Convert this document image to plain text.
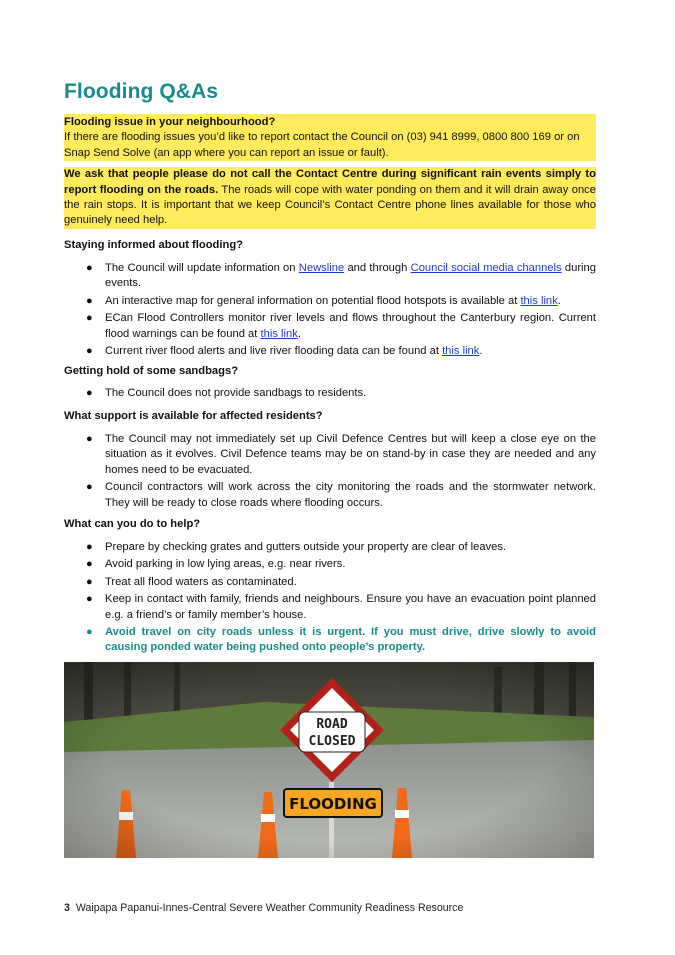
Flooding Q&As
Flooding issue in your neighbourhood?
If there are flooding issues you’d like to report contact the Council on (03) 941 8999, 0800 800 169 or on Snap Send Solve (an app where you can report an issue or fault).
We ask that people please do not call the Contact Centre during significant rain events simply to report flooding on the roads. The roads will cope with water ponding on them and it will drain away once the rain stops. It is important that we keep Council’s Contact Centre phone lines available for those who genuinely need help.
Staying informed about flooding?
● The Council will update information on Newsline and through Council social media channels during events.
● An interactive map for general information on potential flood hotspots is available at this link.
● ECan Flood Controllers monitor river levels and flows throughout the Canterbury region. Current flood warnings can be found at this link.
● Current river flood alerts and live river flooding data can be found at this link.
Getting hold of some sandbags?
● The Council does not provide sandbags to residents.
What support is available for affected residents?
● The Council may not immediately set up Civil Defence Centres but will keep a close eye on the situation as it evolves. Civil Defence teams may be on stand-by in case they are needed and any homes need to be evacuated.
● Council contractors will work across the city monitoring the roads and the stormwater network. They will be ready to close roads where flooding occurs.
What can you do to help?
● Prepare by checking grates and gutters outside your property are clear of leaves.
● Avoid parking in low lying areas, e.g. near rivers.
● Treat all flood waters as contaminated.
● Keep in contact with family, friends and neighbours. Ensure you have an evacuation point planned e.g. a friend’s or family member’s house.
● Avoid travel on city roads unless it is urgent. If you must drive, drive slowly to avoid causing ponded water being pushed onto people’s property.
3 Waipapa Papanui-Innes-Central Severe Weather Community Readiness Resource
